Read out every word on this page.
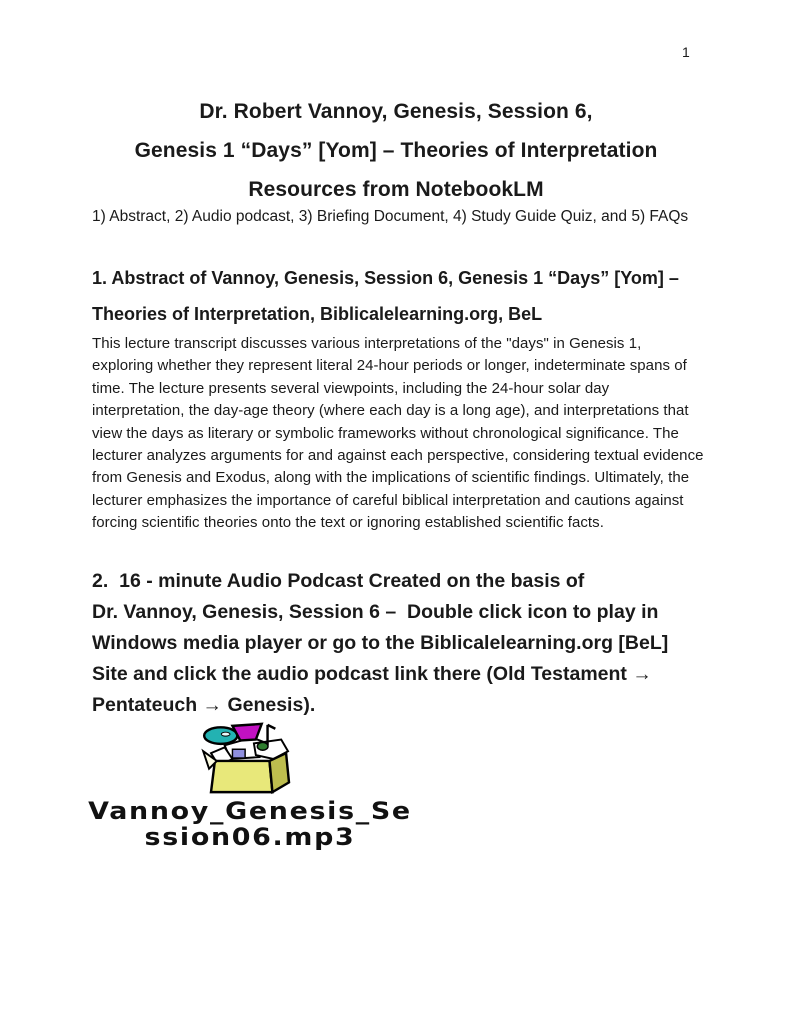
1
Dr. Robert Vannoy, Genesis, Session 6,
Genesis 1 “Days” [Yom] – Theories of Interpretation
Resources from NotebookLM

1) Abstract, 2) Audio podcast, 3) Briefing Document, 4) Study Guide Quiz, and 5) FAQs

1. Abstract of Vannoy, Genesis, Session 6, Genesis 1 “Days” [Yom] –
Theories of Interpretation, Biblicalelearning.org, BeL

This lecture transcript discusses various interpretations of the "days" in Genesis 1, exploring whether they represent literal 24-hour periods or longer, indeterminate spans of time. The lecture presents several viewpoints, including the 24-hour solar day interpretation, the day-age theory (where each day is a long age), and interpretations that view the days as literary or symbolic frameworks without chronological significance. The lecturer analyzes arguments for and against each perspective, considering textual evidence from Genesis and Exodus, along with the implications of scientific findings. Ultimately, the lecturer emphasizes the importance of careful biblical interpretation and cautions against forcing scientific theories onto the text or ignoring established scientific facts.

2.  16 - minute Audio Podcast Created on the basis of
Dr. Vannoy, Genesis, Session 6 –  Double click icon to play in
Windows media player or go to the Biblicalelearning.org [BeL]
Site and click the audio podcast link there (Old Testament →
Pentateuch → Genesis).
Vannoy_Genesis_Se
ssion06.mp3
